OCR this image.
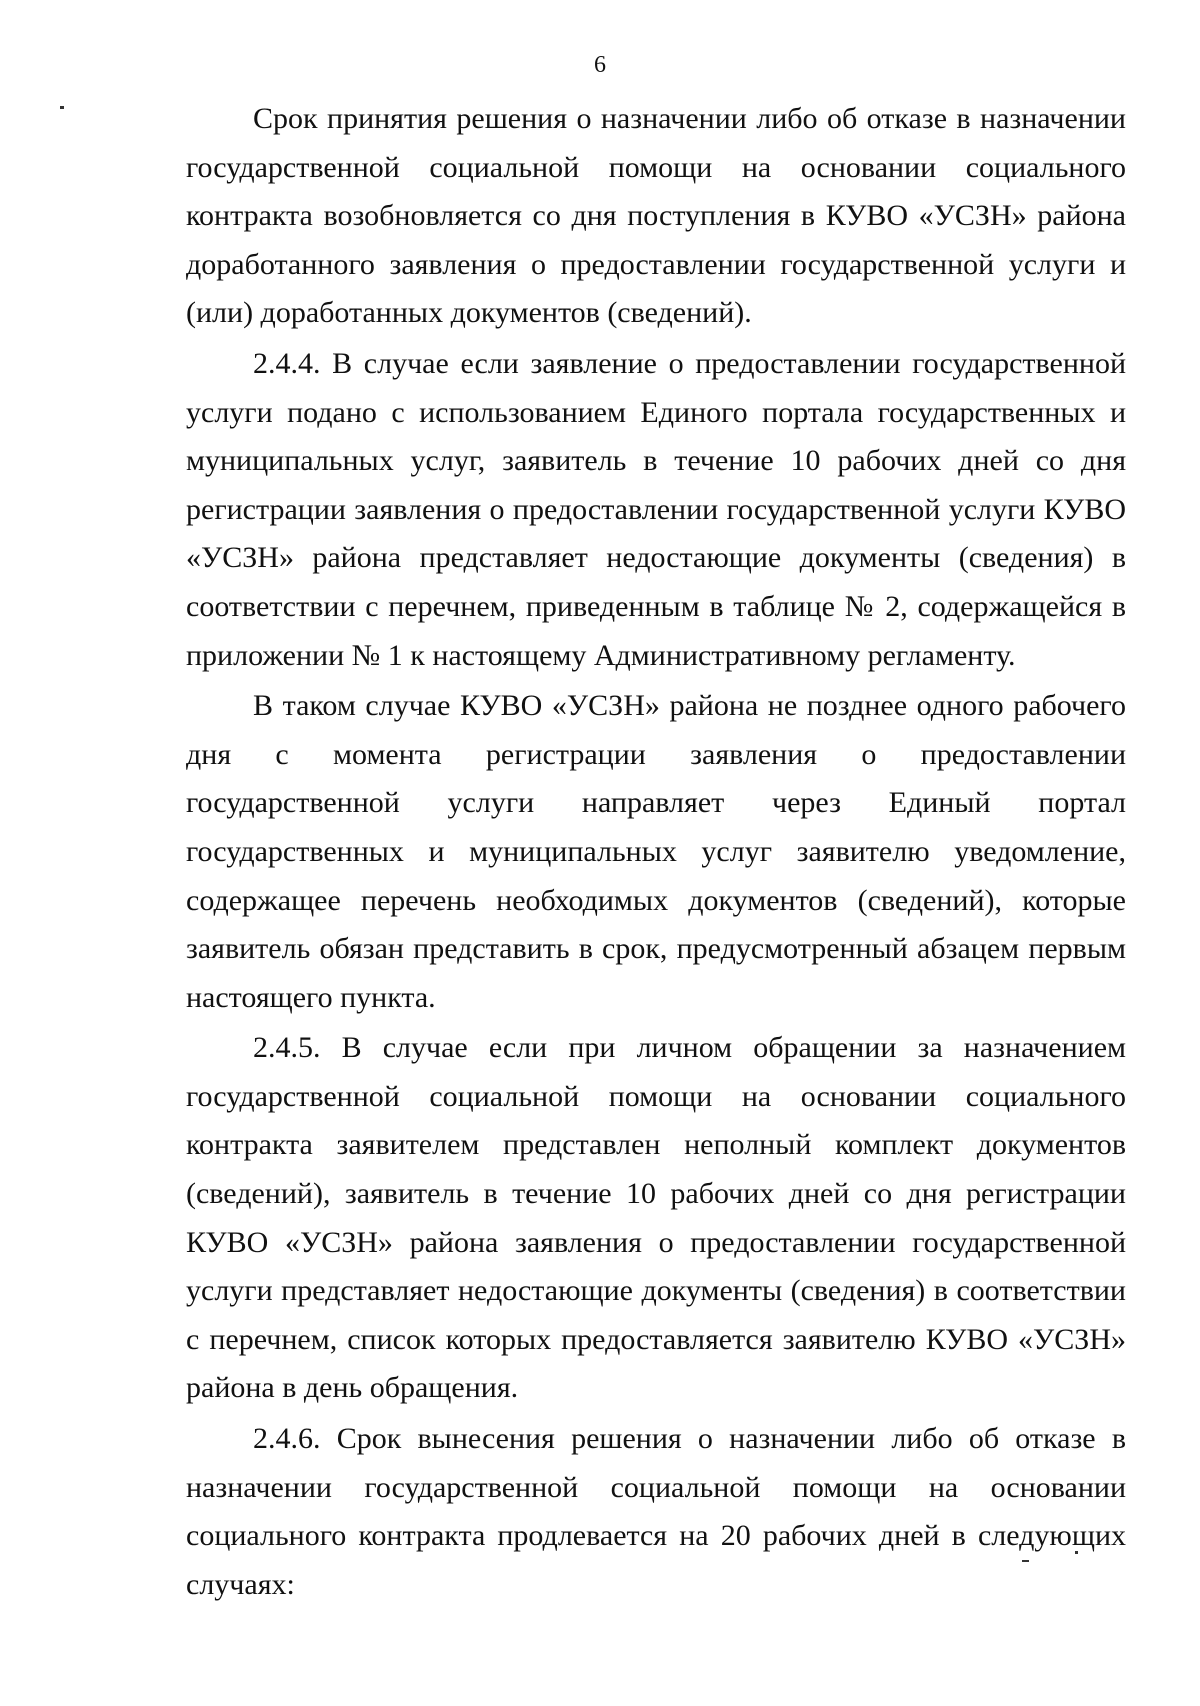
6

Срок принятия решения о назначении либо об отказе в назначении государственной социальной помощи на основании социального контракта возобновляется со дня поступления в КУВО «УСЗН» района доработанного заявления о предоставлении государственной услуги и (или) доработанных документов (сведений).

2.4.4. В случае если заявление о предоставлении государственной услуги подано с использованием Единого портала государственных и муниципальных услуг, заявитель в течение 10 рабочих дней со дня регистрации заявления о предоставлении государственной услуги КУВО «УСЗН» района представляет недостающие документы (сведения) в соответствии с перечнем, приведенным в таблице № 2, содержащейся в приложении № 1 к настоящему Административному регламенту.

В таком случае КУВО «УСЗН» района не позднее одного рабочего дня с момента регистрации заявления о предоставлении государственной услуги направляет через Единый портал государственных и муниципальных услуг заявителю уведомление, содержащее перечень необходимых документов (сведений), которые заявитель обязан представить в срок, предусмотренный абзацем первым настоящего пункта.

2.4.5. В случае если при личном обращении за назначением государственной социальной помощи на основании социального контракта заявителем представлен неполный комплект документов (сведений), заявитель в течение 10 рабочих дней со дня регистрации КУВО «УСЗН» района заявления о предоставлении государственной услуги представляет недостающие документы (сведения) в соответствии с перечнем, список которых предоставляется заявителю КУВО «УСЗН» района в день обращения.

2.4.6. Срок вынесения решения о назначении либо об отказе в назначении государственной социальной помощи на основании социального контракта продлевается на 20 рабочих дней в следующих случаях:
